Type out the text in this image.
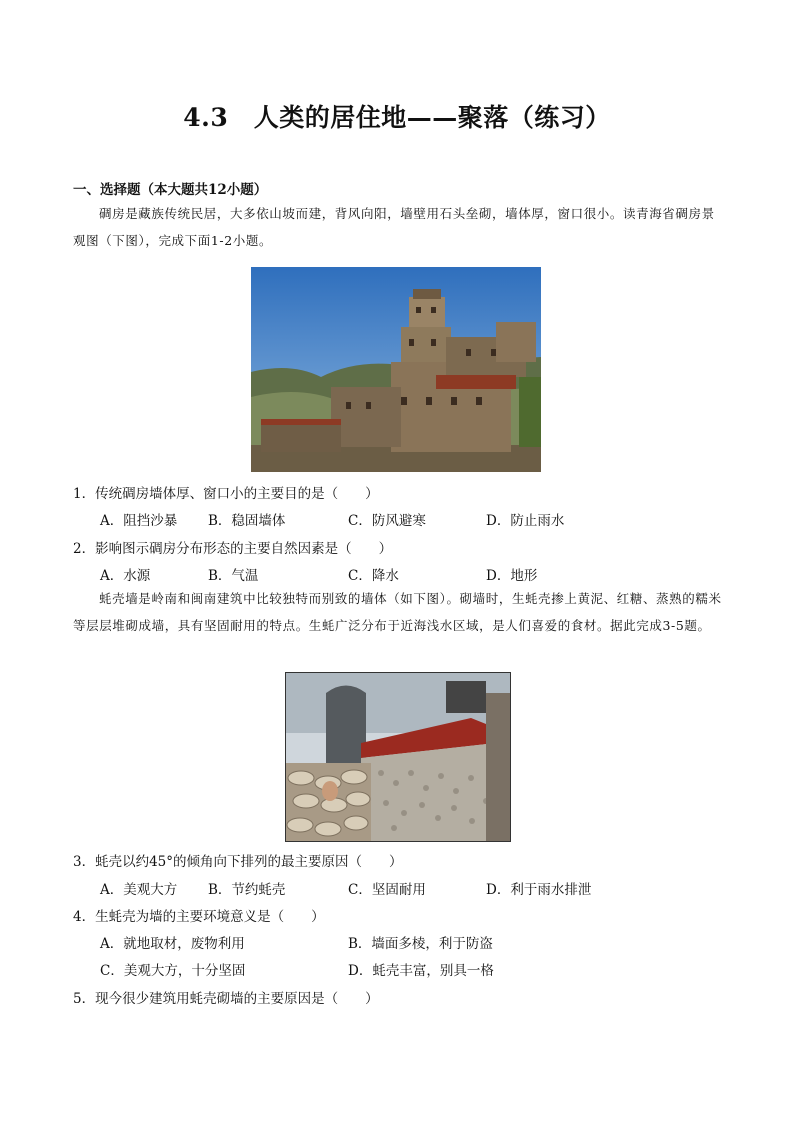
4.3　人类的居住地——聚落（练习）
一、选择题（本大题共12小题）
碉房是藏族传统民居，大多依山坡而建，背风向阳，墙壁用石头垒砌，墙体厚，窗口很小。读青海省碉房景观图（下图），完成下面1-2小题。
1．传统碉房墙体厚、窗口小的主要目的是（　　）
A．阻挡沙暴 B．稳固墙体	C．防风避寒	D．防止雨水
2．影响图示碉房分布形态的主要自然因素是（　　）
A．水源	B．气温	C．降水	D．地形
蚝壳墙是岭南和闽南建筑中比较独特而别致的墙体（如下图）。砌墙时，生蚝壳掺上黄泥、红糖、蒸熟的糯米等层层堆砌成墙，具有坚固耐用的特点。生蚝广泛分布于近海浅水区域，是人们喜爱的食材。据此完成3-5题。
3．蚝壳以约45°的倾角向下排列的最主要原因（　　）
A．美观大方 B．节约蚝壳	C．坚固耐用	D．利于雨水排泄
4．生蚝壳为墙的主要环境意义是（　　）
A．就地取材，废物利用	B．墙面多棱，利于防盗
C．美观大方，十分坚固	D．蚝壳丰富，别具一格
5．现今很少建筑用蚝壳砌墙的主要原因是（　　）
